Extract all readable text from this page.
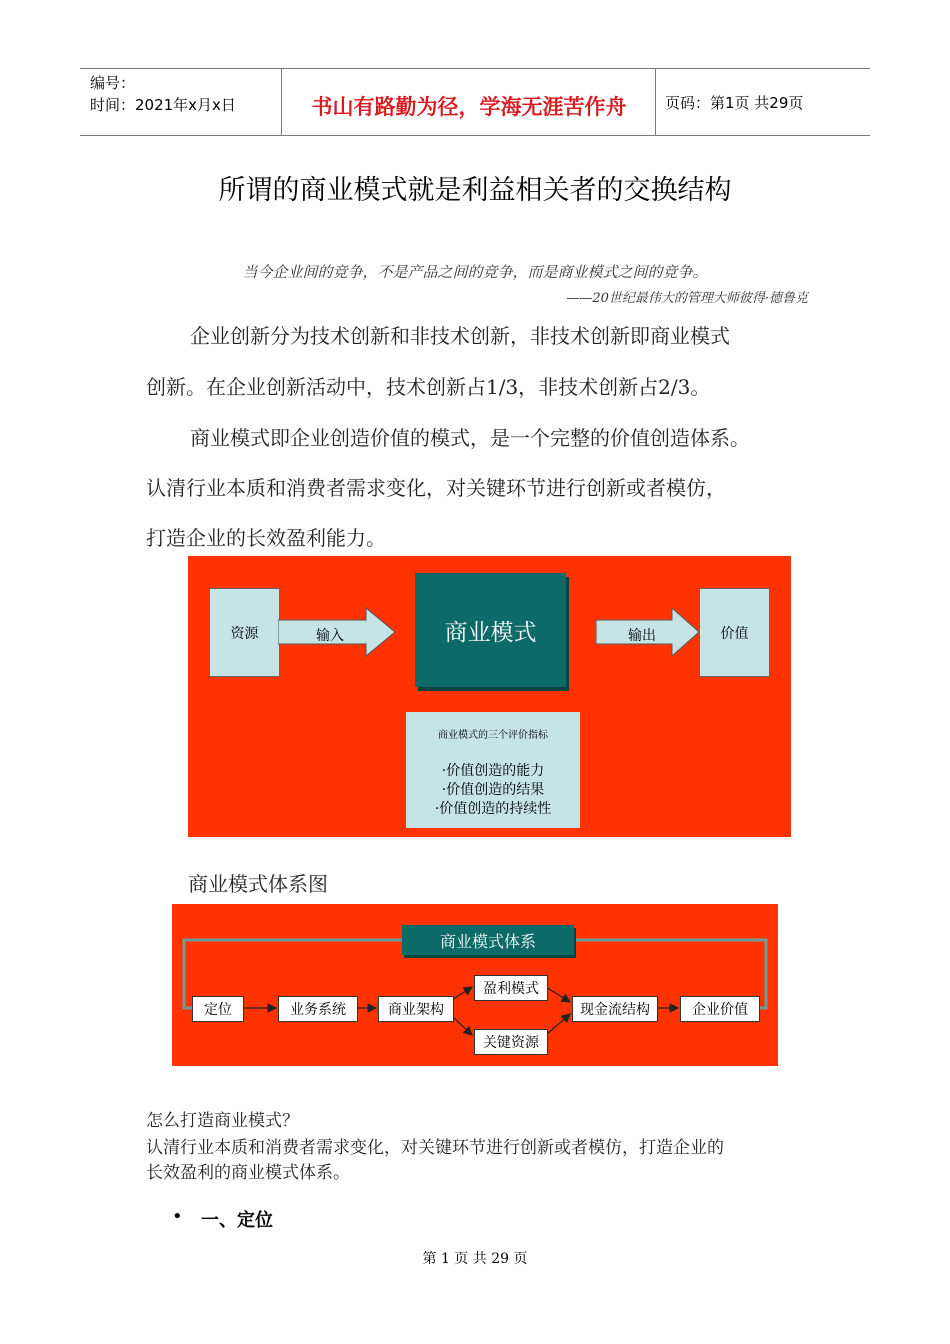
编号：
时间：2021年x月x日	书山有路勤为径，学海无涯苦作舟	页码：第1页 共29页
所谓的商业模式就是利益相关者的交换结构
当今企业间的竞争，不是产品之间的竞争，而是商业模式之间的竞争。
——20世纪最伟大的管理大师彼得·德鲁克
企业创新分为技术创新和非技术创新，非技术创新即商业模式
创新。在企业创新活动中，技术创新占1/3，非技术创新占2/3。
商业模式即企业创造价值的模式，是一个完整的价值创造体系。
认清行业本质和消费者需求变化，对关键环节进行创新或者模仿，
打造企业的长效盈利能力。
资源	输入	商业模式	输出	价值
商业模式的三个评价指标
·价值创造的能力
·价值创造的结果
·价值创造的持续性
商业模式体系图
商业模式体系
定位	业务系统	商业架构
盈利模式
关键资源
现金流结构	企业价值
怎么打造商业模式？
认清行业本质和消费者需求变化，对关键环节进行创新或者模仿，打造企业的
长效盈利的商业模式体系。
• 一、定位
第 1 页 共 29 页
